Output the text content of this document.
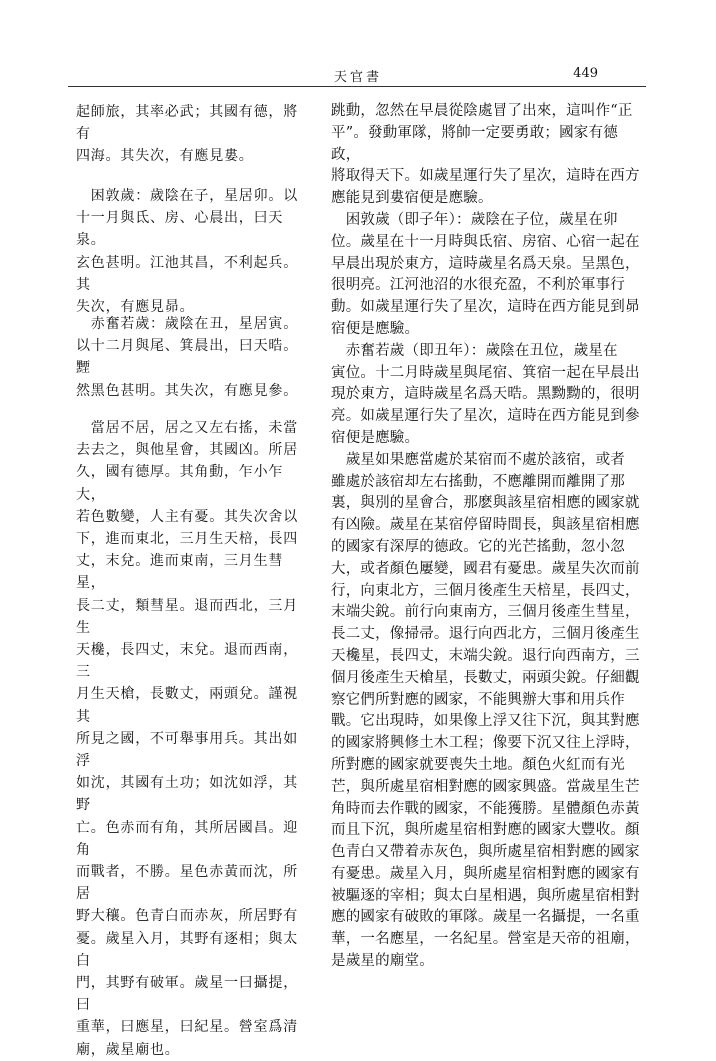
天官書	449

起師旅，其率必武；其國有德，將有
四海。其失次，有應見婁。

　困敦歲：歲陰在子，星居卯。以
十一月與氐、房、心晨出，曰天泉。
玄色甚明。江池其昌，不利起兵。其
失次，有應見昴。

　赤奮若歲：歲陰在丑，星居寅。
以十二月與尾、箕晨出，曰天晧。黫
然黑色甚明。其失次，有應見參。

　當居不居，居之又左右搖，未當
去去之，與他星會，其國凶。所居
久，國有德厚。其角動，乍小乍大，
若色數變，人主有憂。其失次舍以
下，進而東北，三月生天棓，長四
丈，末兌。進而東南，三月生彗星，
長二丈，類彗星。退而西北，三月生
天欃，長四丈，末兌。退而西南，三
月生天槍，長數丈，兩頭兌。謹視其
所見之國，不可舉事用兵。其出如浮
如沈，其國有土功；如沈如浮，其野
亡。色赤而有角，其所居國昌。迎角
而戰者，不勝。星色赤黃而沈，所居
野大穰。色青白而赤灰，所居野有
憂。歲星入月，其野有逐相；與太白
門，其野有破軍。歲星一曰攝提，曰
重華，曰應星，曰紀星。營室爲清
廟，歲星廟也。

跳動，忽然在早晨從陰處冒了出來，這叫作“正
平”。發動軍隊，將帥一定要勇敢；國家有德政，
將取得天下。如歲星運行失了星次，這時在西方
應能見到婁宿便是應驗。
　困敦歲（即子年）：歲陰在子位，歲星在卯
位。歲星在十一月時與氐宿、房宿、心宿一起在
早晨出現於東方，這時歲星名爲天泉。呈黑色，
很明亮。江河池沼的水很充盈，不利於軍事行
動。如歲星運行失了星次，這時在西方能見到昴
宿便是應驗。
　赤奮若歲（即丑年）：歲陰在丑位，歲星在
寅位。十二月時歲星與尾宿、箕宿一起在早晨出
現於東方，這時歲星名爲天晧。黑黝黝的，很明
亮。如歲星運行失了星次，這時在西方能見到參
宿便是應驗。
　歲星如果應當處於某宿而不處於該宿，或者
雖處於該宿却左右搖動，不應離開而離開了那
裏，與別的星會合，那麽與該星宿相應的國家就
有凶險。歲星在某宿停留時間長，與該星宿相應
的國家有深厚的德政。它的光芒搖動，忽小忽
大，或者顏色屢變，國君有憂患。歲星失次而前
行，向東北方，三個月後產生天棓星，長四丈，
末端尖銳。前行向東南方，三個月後產生彗星，
長二丈，像掃帚。退行向西北方，三個月後產生
天欃星，長四丈，末端尖銳。退行向西南方，三
個月後產生天槍星，長數丈，兩頭尖銳。仔細觀
察它們所對應的國家，不能興辦大事和用兵作
戰。它出現時，如果像上浮又往下沉，與其對應
的國家將興修土木工程；像要下沉又往上浮時，
所對應的國家就要喪失土地。顏色火紅而有光
芒，與所處星宿相對應的國家興盛。當歲星生芒
角時而去作戰的國家，不能獲勝。星體顏色赤黃
而且下沉，與所處星宿相對應的國家大豐收。顏
色青白又帶着赤灰色，與所處星宿相對應的國家
有憂患。歲星入月，與所處星宿相對應的國家有
被驅逐的宰相；與太白星相遇，與所處星宿相對
應的國家有破敗的軍隊。歲星一名攝提，一名重
華，一名應星，一名紀星。營室是天帝的祖廟，
是歲星的廟堂。
